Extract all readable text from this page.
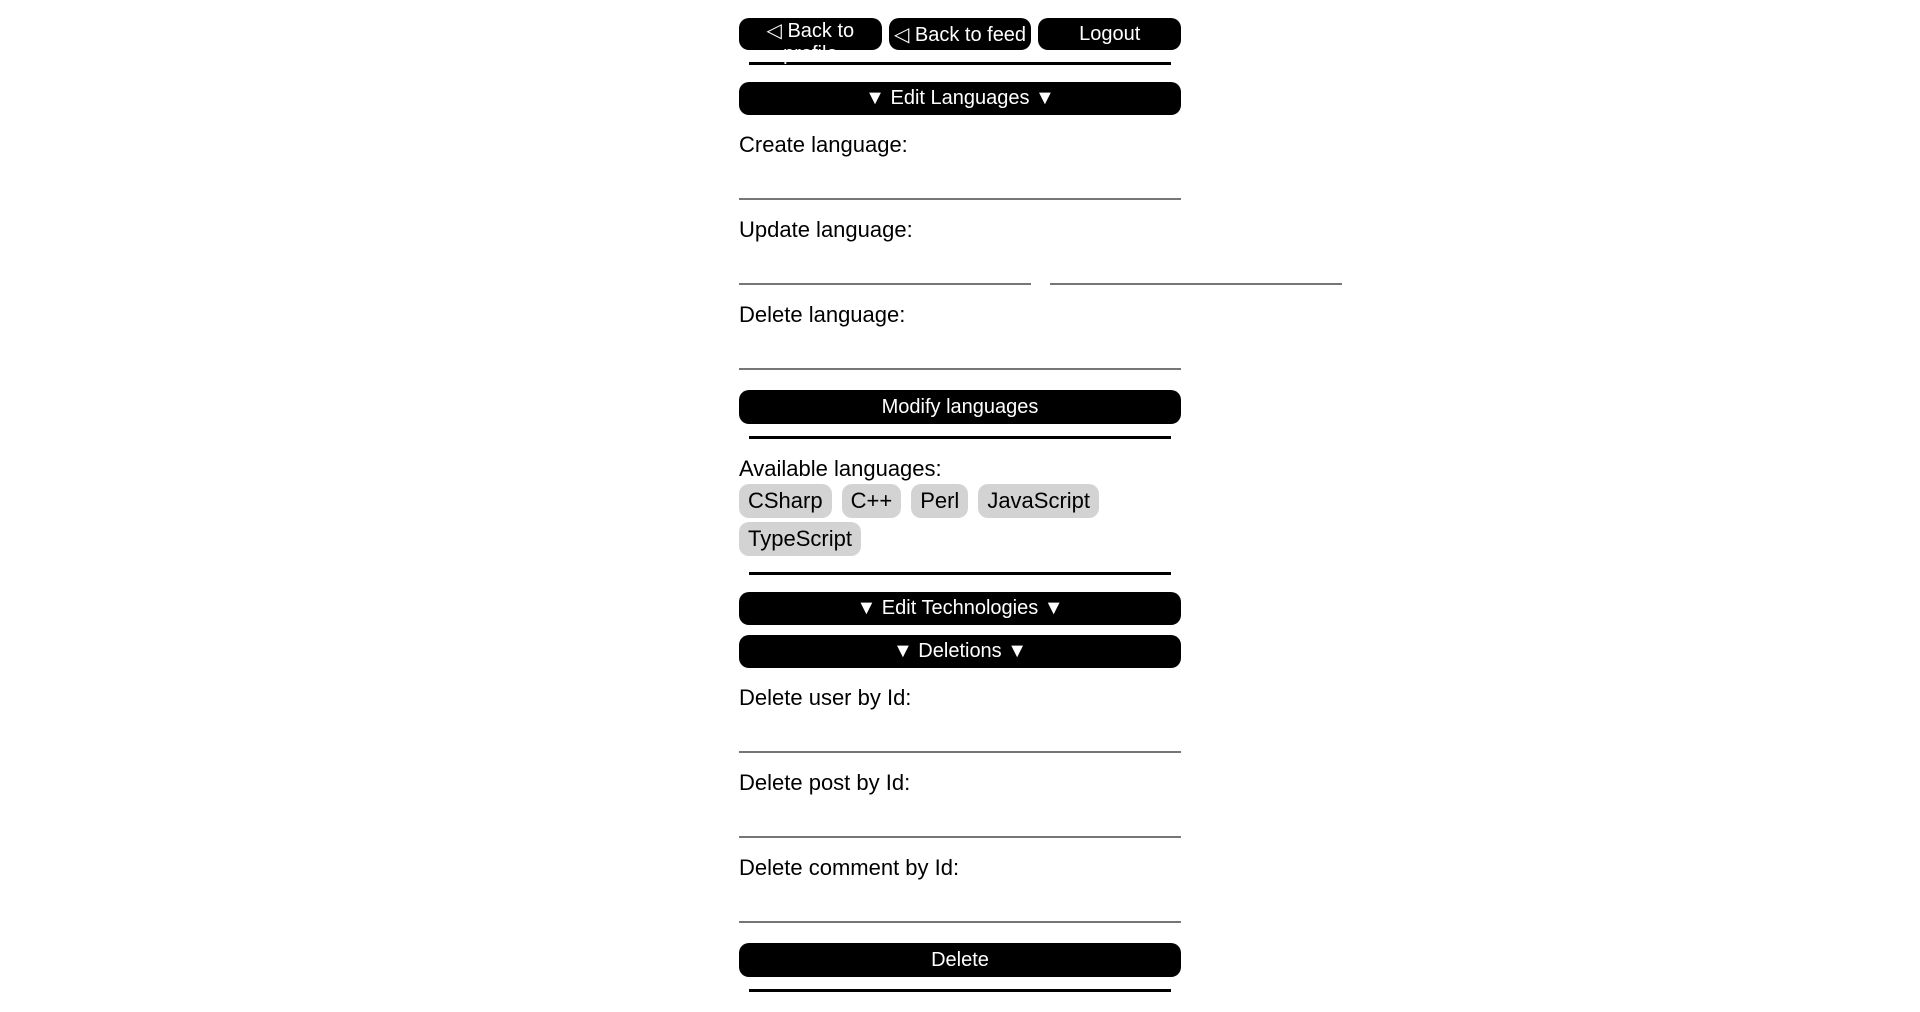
◁ Back to profile
◁ Back to feed	Logout
▼ Edit Languages ▼
Create language:
Update language:
Delete language:
Modify languages
Available languages:
CSharp C++ Perl JavaScriptTypeScript
▼ Edit Technologies ▼
▼ Deletions ▼
Delete user by Id:
Delete post by Id:
Delete comment by Id:
Delete
